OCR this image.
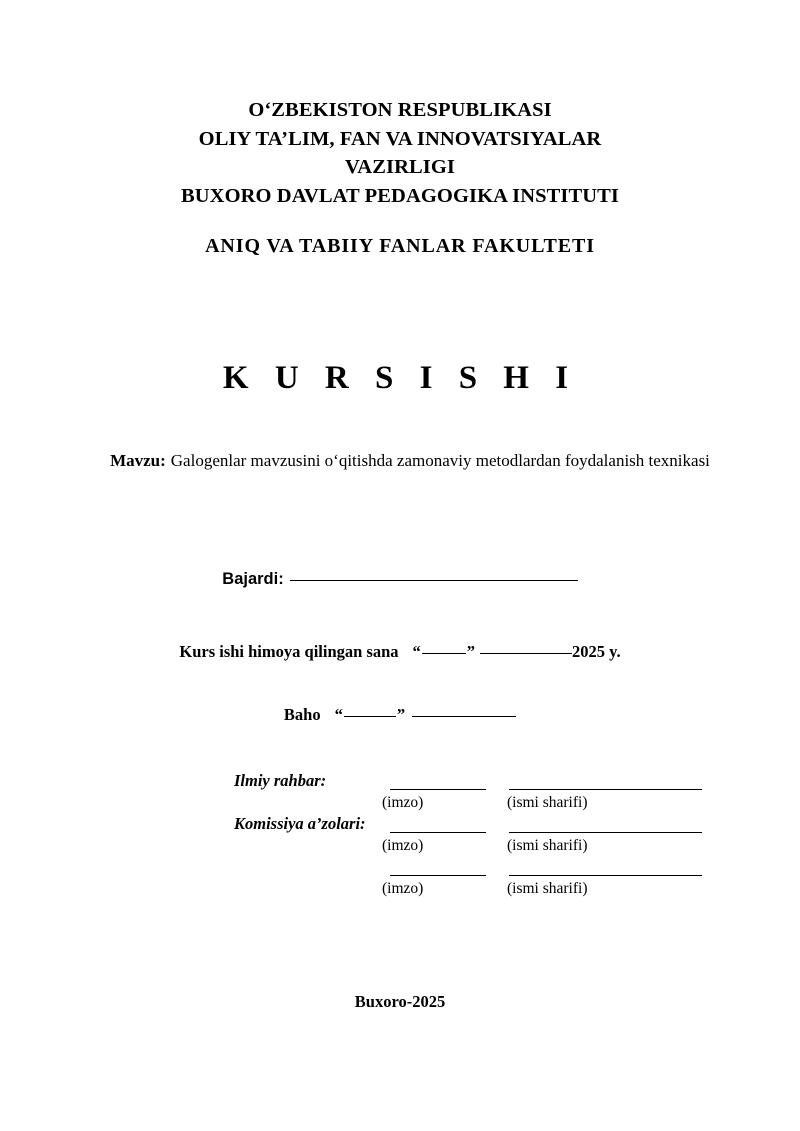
O‘ZBEKISTON RESPUBLIKASI
OLIY TA’LIM, FAN VA INNOVATSIYALAR
VAZIRLIGI
BUXORO DAVLAT PEDAGOGIKA INSTITUTI
ANIQ VA TABIIY FANLAR FAKULTETI
K U R S I S H I
Mavzu: Galogenlar mavzusini o‘qitishda zamonaviy metodlardan foydalanish texnikasi
Bajardi:
Kurs ishi himoya qilingan sana “	”	2025 y.
Baho “	”
Ilmiy rahbar:
(imzo)	(ismi sharifi)
Komissiya a’zolari:
(imzo)	(ismi sharifi)
(imzo)	(ismi sharifi)
Buxoro-2025
